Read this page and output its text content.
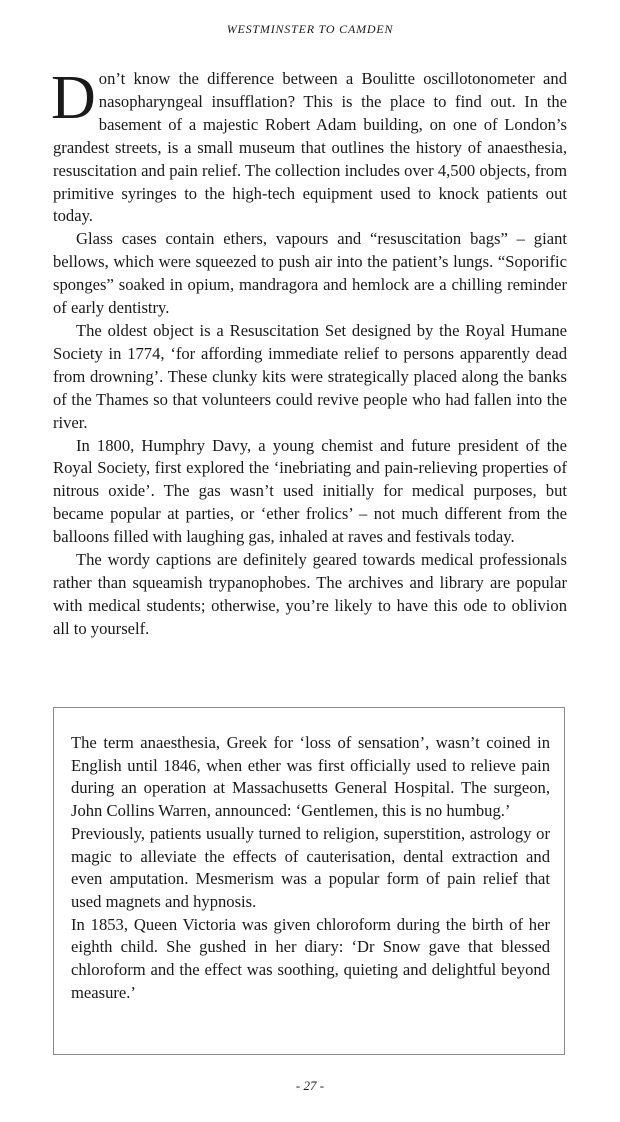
WESTMINSTER TO CAMDEN

Don’t know the difference between a Boulitte oscillotonometer and nasopharyngeal insufflation? This is the place to find out. In the basement of a majestic Robert Adam building, on one of London’s grandest streets, is a small museum that outlines the history of anaesthesia, resuscitation and pain relief. The collection includes over 4,500 objects, from primitive syringes to the high-tech equipment used to knock patients out today.

Glass cases contain ethers, vapours and “resuscitation bags” – giant bellows, which were squeezed to push air into the patient’s lungs. “Soporific sponges” soaked in opium, mandragora and hemlock are a chilling reminder of early dentistry.

The oldest object is a Resuscitation Set designed by the Royal Humane Society in 1774, ‘for affording immediate relief to persons apparently dead from drowning’. These clunky kits were strategically placed along the banks of the Thames so that volunteers could revive people who had fallen into the river.

In 1800, Humphry Davy, a young chemist and future president of the Royal Society, first explored the ‘inebriating and pain-relieving properties of nitrous oxide’. The gas wasn’t used initially for medical purposes, but became popular at parties, or ‘ether frolics’ – not much different from the balloons filled with laughing gas, inhaled at raves and festivals today.

The wordy captions are definitely geared towards medical professionals rather than squeamish trypanophobes. The archives and library are popular with medical students; otherwise, you’re likely to have this ode to oblivion all to yourself.

The term anaesthesia, Greek for ‘loss of sensation’, wasn’t coined in English until 1846, when ether was first officially used to relieve pain during an operation at Massachusetts General Hospital. The surgeon, John Collins Warren, announced: ‘Gentlemen, this is no humbug.’

Previously, patients usually turned to religion, superstition, astrology or magic to alleviate the effects of cauterisation, dental extraction and even amputation. Mesmerism was a popular form of pain relief that used magnets and hypnosis.

In 1853, Queen Victoria was given chloroform during the birth of her eighth child. She gushed in her diary: ‘Dr Snow gave that blessed chloroform and the effect was soothing, quieting and delightful beyond measure.’

- 27 -
